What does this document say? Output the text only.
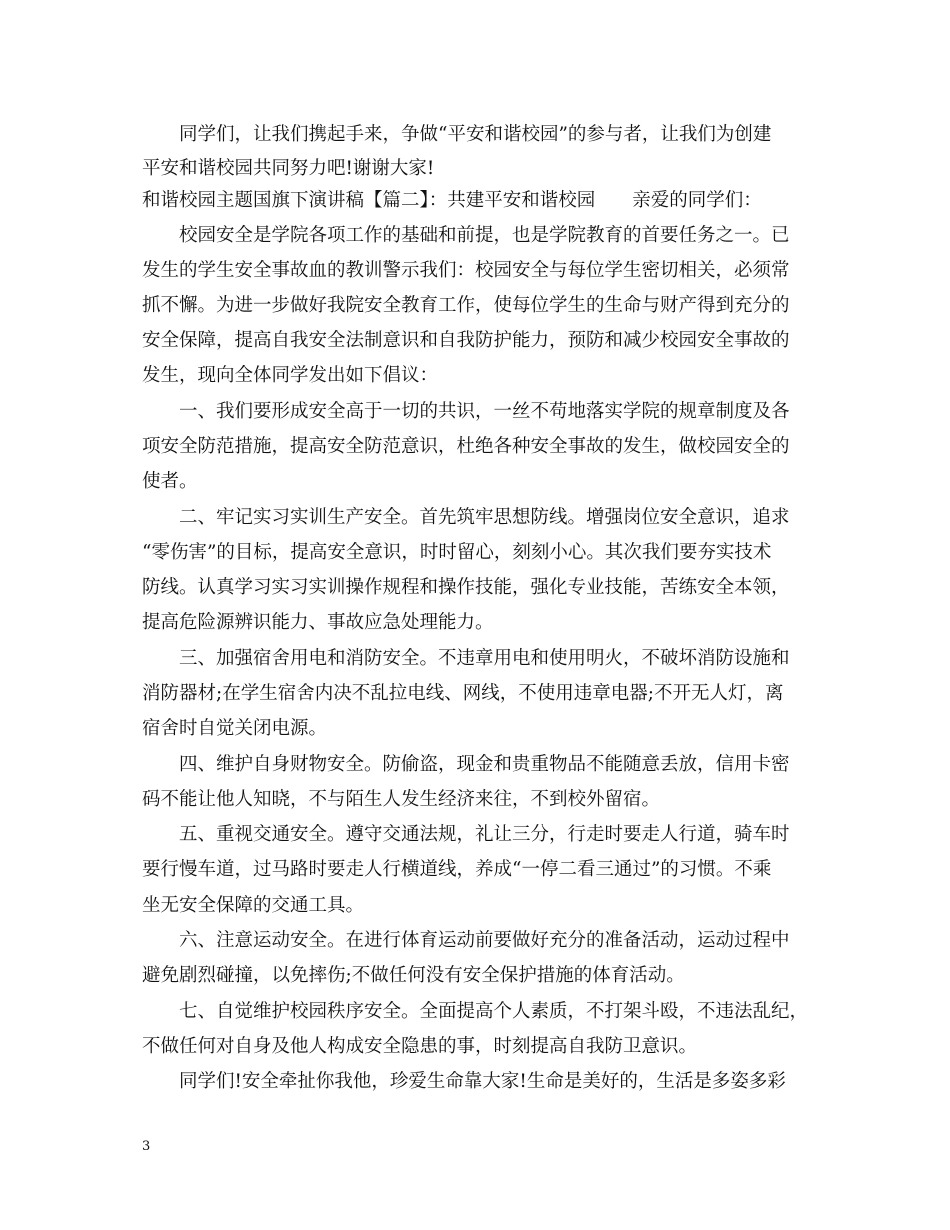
　　同学们，让我们携起手来，争做“平安和谐校园”的参与者，让我们为创建
平安和谐校园共同努力吧!谢谢大家!
和谐校园主题国旗下演讲稿【篇二】：共建平安和谐校园　　亲爱的同学们：
　　校园安全是学院各项工作的基础和前提，也是学院教育的首要任务之一。已
发生的学生安全事故血的教训警示我们：校园安全与每位学生密切相关，必须常
抓不懈。为进一步做好我院安全教育工作，使每位学生的生命与财产得到充分的
安全保障，提高自我安全法制意识和自我防护能力，预防和减少校园安全事故的
发生，现向全体同学发出如下倡议：
　　一、我们要形成安全高于一切的共识，一丝不苟地落实学院的规章制度及各
项安全防范措施，提高安全防范意识，杜绝各种安全事故的发生，做校园安全的
使者。
　　二、牢记实习实训生产安全。首先筑牢思想防线。增强岗位安全意识，追求
“零伤害”的目标，提高安全意识，时时留心，刻刻小心。其次我们要夯实技术
防线。认真学习实习实训操作规程和操作技能，强化专业技能，苦练安全本领，
提高危险源辨识能力、事故应急处理能力。
　　三、加强宿舍用电和消防安全。不违章用电和使用明火，不破坏消防设施和
消防器材;在学生宿舍内决不乱拉电线、网线，不使用违章电器;不开无人灯，离
宿舍时自觉关闭电源。
　　四、维护自身财物安全。防偷盗，现金和贵重物品不能随意丢放，信用卡密
码不能让他人知晓，不与陌生人发生经济来往，不到校外留宿。
　　五、重视交通安全。遵守交通法规，礼让三分，行走时要走人行道，骑车时
要行慢车道，过马路时要走人行横道线，养成“一停二看三通过”的习惯。不乘
坐无安全保障的交通工具。
　　六、注意运动安全。在进行体育运动前要做好充分的准备活动，运动过程中
避免剧烈碰撞，以免摔伤;不做任何没有安全保护措施的体育活动。
　　七、自觉维护校园秩序安全。全面提高个人素质，不打架斗殴，不违法乱纪，
不做任何对自身及他人构成安全隐患的事，时刻提高自我防卫意识。
　　同学们!安全牵扯你我他，珍爱生命靠大家!生命是美好的，生活是多姿多彩
3
